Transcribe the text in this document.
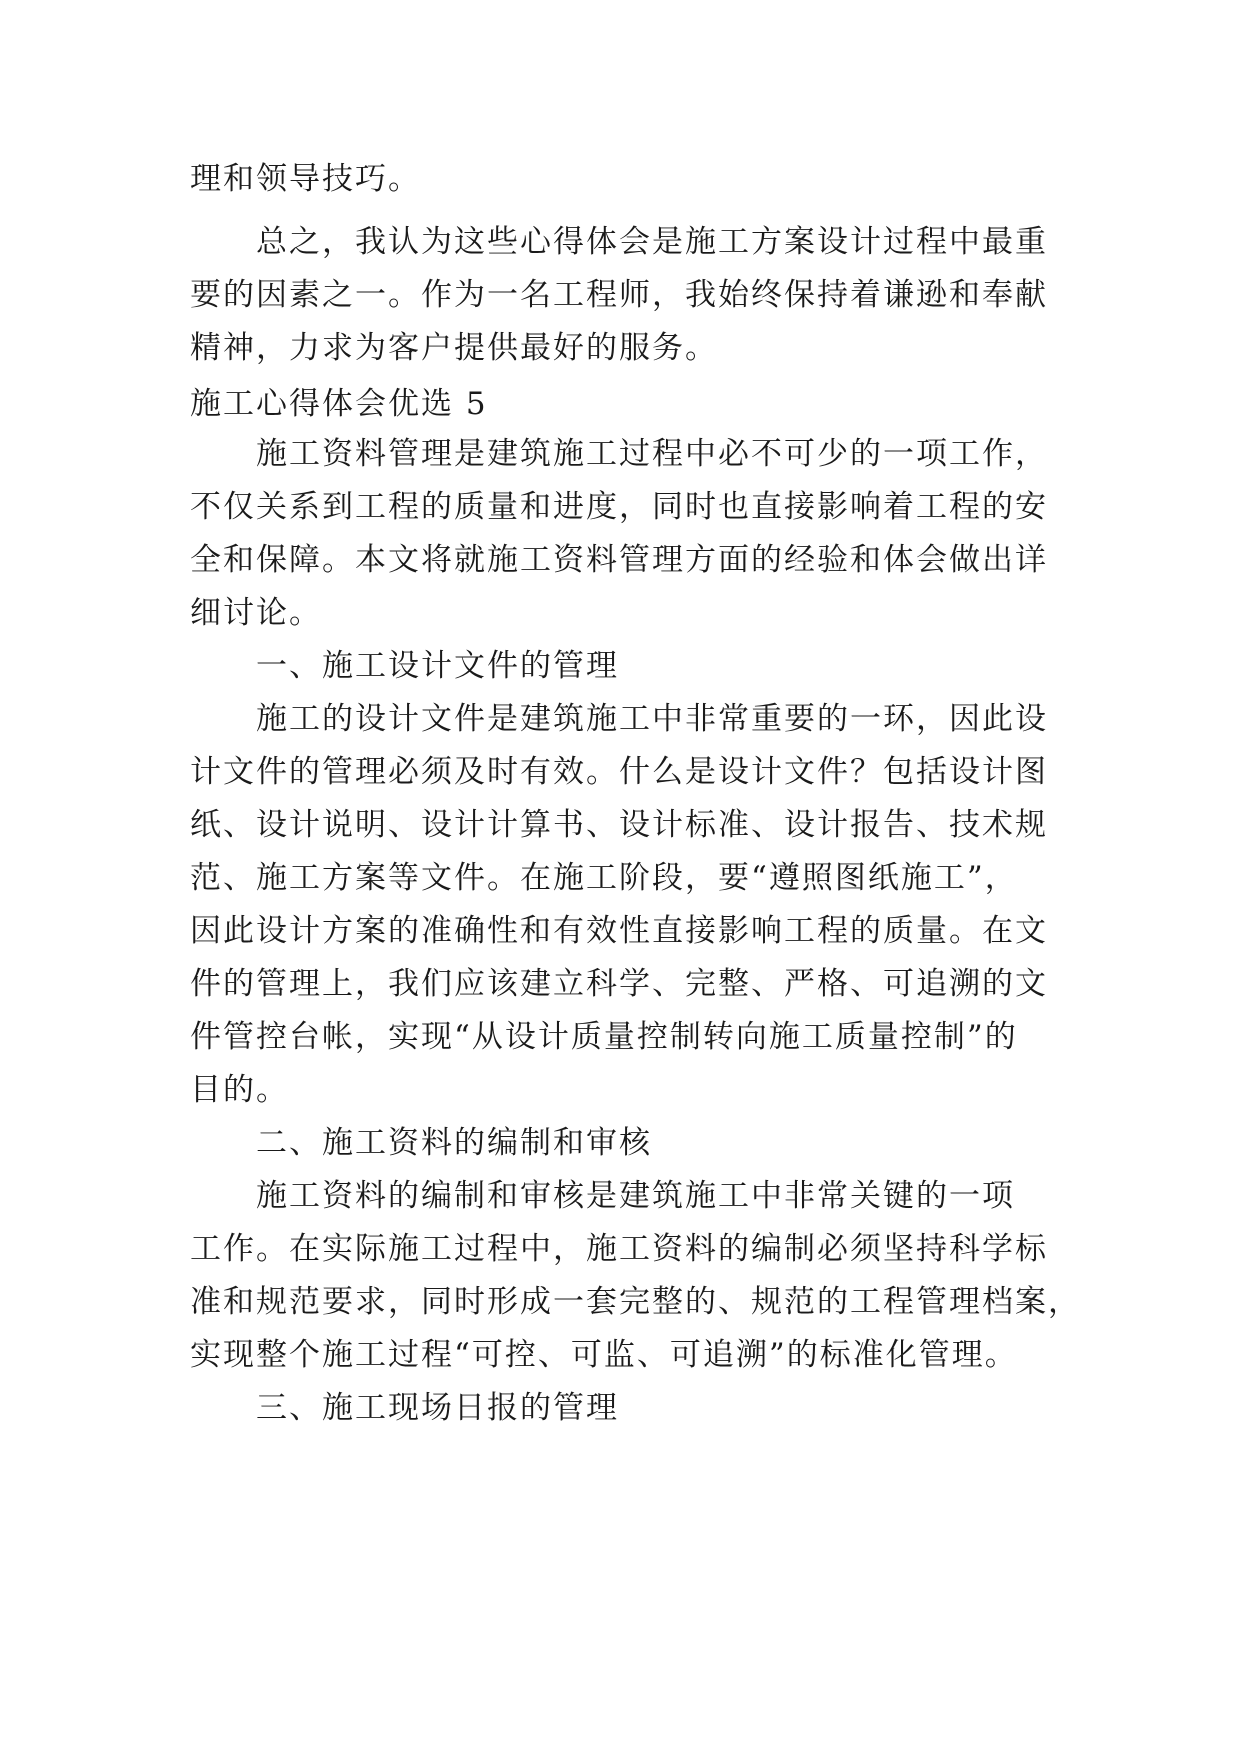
理和领导技巧。
　　总之，我认为这些心得体会是施工方案设计过程中最重
要的因素之一。作为一名工程师，我始终保持着谦逊和奉献
精神，力求为客户提供最好的服务。
施工心得体会优选 5
　　施工资料管理是建筑施工过程中必不可少的一项工作，
不仅关系到工程的质量和进度，同时也直接影响着工程的安
全和保障。本文将就施工资料管理方面的经验和体会做出详
细讨论。
　　一、施工设计文件的管理
　　施工的设计文件是建筑施工中非常重要的一环，因此设
计文件的管理必须及时有效。什么是设计文件？包括设计图
纸、设计说明、设计计算书、设计标准、设计报告、技术规
范、施工方案等文件。在施工阶段，要“遵照图纸施工”，
因此设计方案的准确性和有效性直接影响工程的质量。在文
件的管理上，我们应该建立科学、完整、严格、可追溯的文
件管控台帐，实现“从设计质量控制转向施工质量控制”的
目的。
　　二、施工资料的编制和审核
　　施工资料的编制和审核是建筑施工中非常关键的一项
工作。在实际施工过程中，施工资料的编制必须坚持科学标
准和规范要求，同时形成一套完整的、规范的工程管理档案，
实现整个施工过程“可控、可监、可追溯”的标准化管理。
　　三、施工现场日报的管理
